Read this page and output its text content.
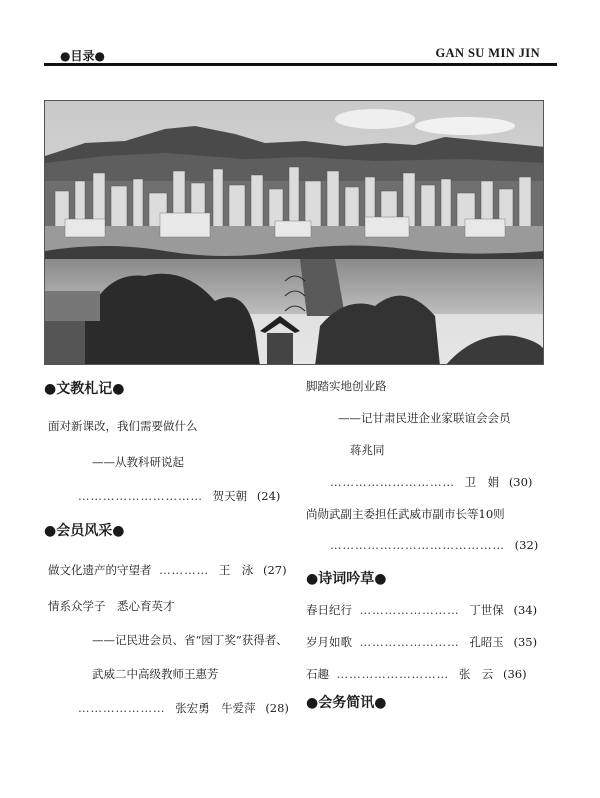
●目录●	GAN SU MIN JIN
●文教札记●
面对新课改，我们需要做什么
——从教科研说起
………………………… 贺天朝 (24)
●会员风采●
做文化遗产的守望者 ………… 王　泳 (27)
情系众学子　悉心育英才
——记民进会员、省“园丁奖”获得者、
武威二中高级教师王惠芳
………………… 张宏勇　牛爱萍 (28)
脚踏实地创业路
——记甘肃民进企业家联谊会会员
蒋兆同
………………………… 卫　娟 (30)
尚勋武副主委担任武威市副市长等10则
…………………………………… (32)
●诗词吟草●
春日纪行 …………………… 丁世保 (34)
岁月如歌 …………………… 孔昭玉 (35)
石趣 ……………………… 张　云 (36)
●会务简讯●
